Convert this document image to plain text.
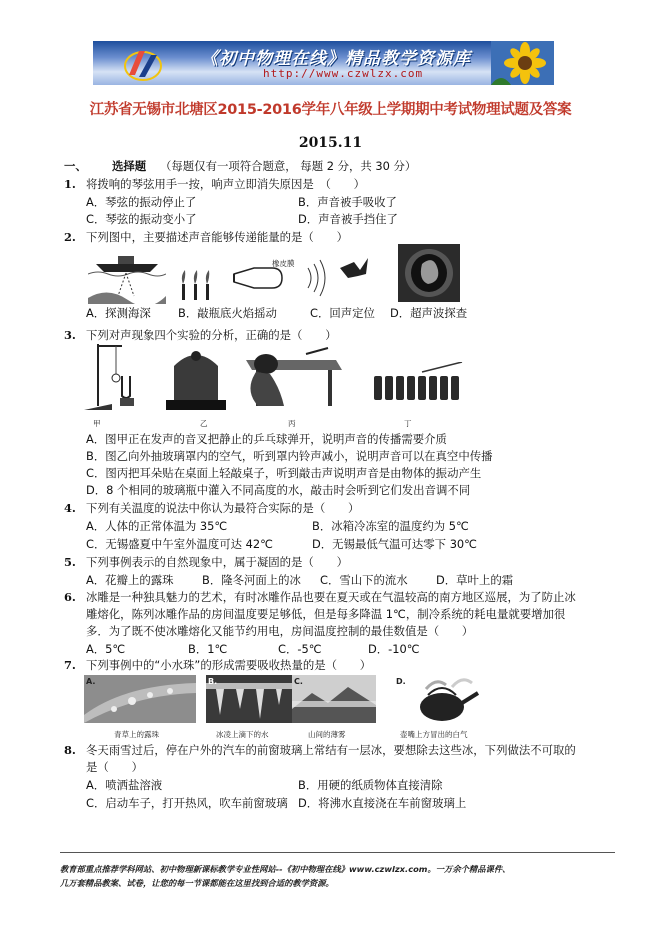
《初中物理在线》精品教学资源库
http://www.czwlzx.com
江苏省无锡市北塘区2015-2016学年八年级上学期期中考试物理试题及答案
2015.11
一、 选择题 （每题仅有一项符合题意， 每题 2 分，共 30 分）
1. 将拨响的琴弦用手一按，响声立即消失原因是　（　　）
A．琴弦的振动停止了	B．声音被手吸收了
C．琴弦的振动变小了	D．声音被手挡住了
2. 下列图中，主要描述声音能够传递能量的是（　　）
橡皮膜
A．探测海深 B．敲瓶底火焰摇动	C．回声定位 D．超声波探查
3. 下列对声现象四个实验的分析，正确的是（　　）
甲	乙	丙	丁
A．图甲正在发声的音叉把静止的乒乓球弹开，说明声音的传播需要介质
B．图乙向外抽玻璃罩内的空气，听到罩内铃声减小，说明声音可以在真空中传播
C．图丙把耳朵贴在桌面上轻敲桌子，听到敲击声说明声音是由物体的振动产生
D．8 个相同的玻璃瓶中灌入不同高度的水，敲击时会听到它们发出音调不同
4. 下列有关温度的说法中你认为最符合实际的是（　　）
A．人体的正常体温为 35℃	B．冰箱冷冻室的温度约为 5℃
C．无锡盛夏中午室外温度可达 42℃	D．无锡最低气温可达零下 30℃
5. 下列事例表示的自然现象中，属于凝固的是（　　）
A．花瓣上的露珠 B．隆冬河面上的冰 C．雪山下的流水 D．草叶上的霜
6. 冰雕是一种独具魅力的艺术，有时冰雕作品也要在夏天或在气温较高的南方地区巡展，为了防止冰
雕熔化，陈列冰雕作品的房间温度要足够低，但是每多降温 1℃，制冷系统的耗电量就要增加很
多．为了既不使冰雕熔化又能节约用电，房间温度控制的最佳数值是（　　）
A．5℃	B．1℃	C．-5℃	D．-10℃
7. 下列事例中的“小水珠”的形成需要吸收热量的是（　　）
A.	B.	C.	D.
青草上的露珠	冰凌上滴下的水	山间的薄雾	壶嘴上方冒出的白气
8. 冬天雨雪过后，停在户外的汽车的前窗玻璃上常结有一层冰，要想除去这些冰，下列做法不可取的
是（　　）
A．喷洒盐溶液	B．用硬的纸质物体直接清除
C．启动车子，打开热风，吹车前窗玻璃 D．将沸水直接浇在车前窗玻璃上
教育部重点推荐学科网站、初中物理新课标教学专业性网站--《初中物理在线》www.czwlzx.com。一万余个精品课件、
几万套精品教案、试卷，让您的每一节课都能在这里找到合适的教学资源。
